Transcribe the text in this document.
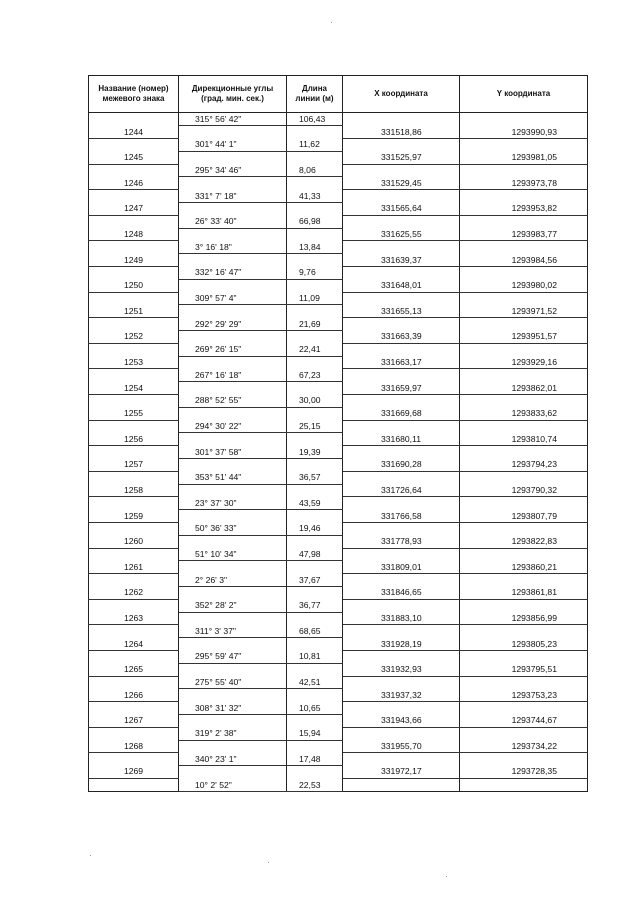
Название (номер) межевого знака	Дирекционные углы (град. мин. сек.)	Длина линии (м)	X координата	Y координата
	315° 56' 42"	106,43		
1244			331518,86	1293990,93
	301° 44' 1"	11,62		
1245			331525,97	1293981,05
	295° 34' 46"	8,06		
1246			331529,45	1293973,78
	331° 7' 18"	41,33		
1247			331565,64	1293953,82
	26° 33' 40"	66,98		
1248			331625,55	1293983,77
	3° 16' 18"	13,84		
1249			331639,37	1293984,56
	332° 16' 47"	9,76		
1250			331648,01	1293980,02
	309° 57' 4"	11,09		
1251			331655,13	1293971,52
	292° 29' 29"	21,69		
1252			331663,39	1293951,57
	269° 26' 15"	22,41		
1253			331663,17	1293929,16
	267° 16' 18"	67,23		
1254			331659,97	1293862,01
	288° 52' 55"	30,00		
1255			331669,68	1293833,62
	294° 30' 22"	25,15		
1256			331680,11	1293810,74
	301° 37' 58"	19,39		
1257			331690,28	1293794,23
	353° 51' 44"	36,57		
1258			331726,64	1293790,32
	23° 37' 30"	43,59		
1259			331766,58	1293807,79
	50° 36' 33"	19,46		
1260			331778,93	1293822,83
	51° 10' 34"	47,98		
1261			331809,01	1293860,21
	2° 26' 3"	37,67		
1262			331846,65	1293861,81
	352° 28' 2"	36,77		
1263			331883,10	1293856,99
	311° 3' 37"	68,65		
1264			331928,19	1293805,23
	295° 59' 47"	10,81		
1265			331932,93	1293795,51
	275° 55' 40"	42,51		
1266			331937,32	1293753,23
	308° 31' 32"	10,65		
1267			331943,66	1293744,67
	319° 2' 38"	15,94		
1268			331955,70	1293734,22
	340° 23' 1"	17,48		
1269			331972,17	1293728,35
	10° 2' 52"	22,53		
